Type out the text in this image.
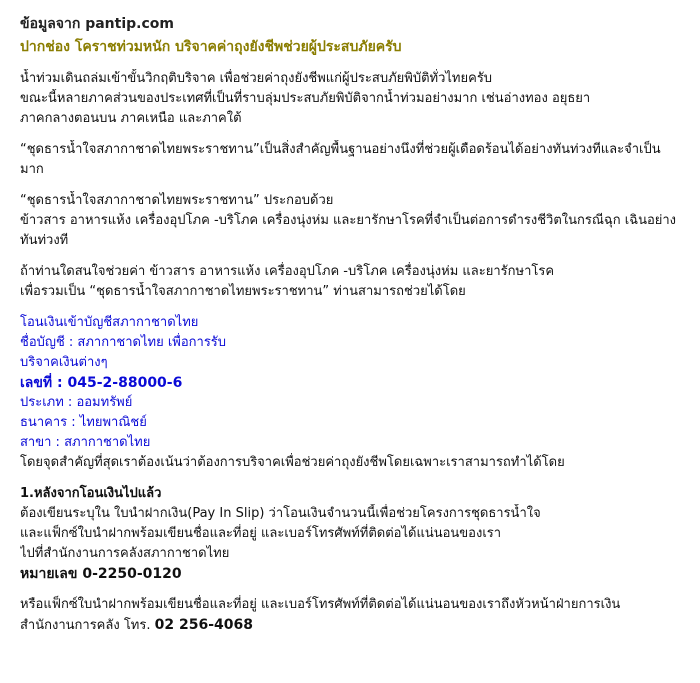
ข้อมูลจาก pantip.com
ปากช่อง โคราชท่วมหนัก บริจาคค่าถุงยังชีพช่วยผู้ประสบภัยครับ
น้ำท่วมเดินถล่มเข้าขั้นวิกฤติบริจาค เพื่อช่วยค่าถุงยังชีพแก่ผู้ประสบภัยพิบัติทั่วไทยครับ
ขณะนี้หลายภาคส่วนของประเทศที่เป็นที่ราบลุ่มประสบภัยพิบัติจากน้ำท่วมอย่างมาก เช่นอ่างทอง อยุธยา
ภาคกลางตอนบน ภาคเหนือ และภาคใต้
“ชุดธารน้ำใจสภากาชาดไทยพระราชทาน”เป็นสิ่งสำคัญพื้นฐานอย่างนึงที่ช่วยผู้เดือดร้อนได้อย่างทันท่วงทีและจำเป็น
มาก
“ชุดธารน้ำใจสภากาชาดไทยพระราชทาน” ประกอบด้วย
ข้าวสาร อาหารแห้ง เครื่องอุปโภค -บริโภค เครื่องนุ่งห่ม และยารักษาโรคที่จำเป็นต่อการดำรงชีวิตในกรณีฉุก เฉินอย่าง
ทันท่วงที
ถ้าท่านใดสนใจช่วยค่า ข้าวสาร อาหารแห้ง เครื่องอุปโภค -บริโภค เครื่องนุ่งห่ม และยารักษาโรค
เพื่อรวมเป็น “ชุดธารน้ำใจสภากาชาดไทยพระราชทาน” ท่านสามารถช่วยได้โดย
โอนเงินเข้าบัญชีสภากาชาดไทย
ชื่อบัญชี : สภากาชาดไทย เพื่อการรับ
บริจาคเงินต่างๆ
เลขที่ : 045-2-88000-6
ประเภท : ออมทรัพย์
ธนาคาร : ไทยพาณิชย์
สาขา : สภากาชาดไทย
โดยจุดสำคัญที่สุดเราต้องเน้นว่าต้องการบริจาคเพื่อช่วยค่าถุงยังชีพโดยเฉพาะเราสามารถทำได้โดย
1.หลังจากโอนเงินไปแล้ว
ต้องเขียนระบุใน ใบนำฝากเงิน(Pay In Slip) ว่าโอนเงินจำนวนนี้เพื่อช่วยโครงการชุดธารน้ำใจ
และแฟ็กซ์ใบนำฝากพร้อมเขียนชื่อและที่อยู่ และเบอร์โทรศัพท์ที่ติดต่อได้แน่นอนของเรา
ไปที่สำนักงานการคลังสภากาชาดไทย
หมายเลข 0-2250-0120
หรือแฟ็กซ์ใบนำฝากพร้อมเขียนชื่อและที่อยู่ และเบอร์โทรศัพท์ที่ติดต่อได้แน่นอนของเราถึงหัวหน้าฝ่ายการเงิน
สำนักงานการคลัง โทร. 02 256-4068
